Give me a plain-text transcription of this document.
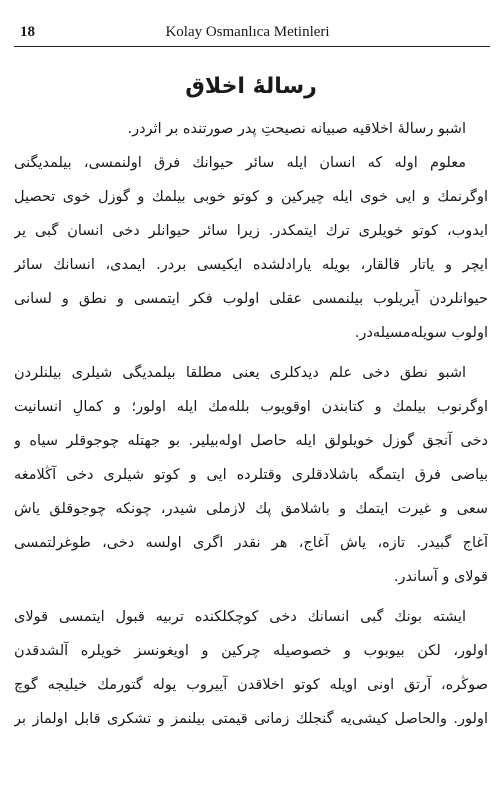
18	Kolay Osmanlıca Metinleri
رسالۀ اخلاق
اشبو رسالۀ اخلاقیه صبیانه نصیحتِ پدر صورتنده بر اثردر.
معلوم اوله که انسان ایله سائر حیوانك فرق اولنمسی، بیلمدیگنی
اوگرنمك و ایی خوی ایله چیرکین و کوتو خوبی بیلمك و گوزل خوی تحصیل
ایدوب، کوتو خویلری ترك ایتمکدر. زیرا سائر حیوانلر دخی انسان گبی یر
ایچر و یاتار قالقار، بویله یارادلشده ایکیسی بردر. ایمدی، انسانك سائر
حیوانلردن آیریلوب بیلنمسی عقلی اولوب فکر ایتمسی و نطق و لسانی
اولوب سویله‌مسیله‌در.
اشبو نطق دخی علم دیدکلری یعنی مطلقا بیلمدیگی شیلری بیلنلردن
اوگرنوب بیلمك و کتابندن اوقویوب بللەمك ایله اولور؛ و کمالِ انسانیت
دخی آنجق گوزل خویلولق ایله حاصل اوله‌بیلیر. بو جهتله چوجوقلر سیاه و
بیاضی فرق ایتمگه باشلادقلری وقتلرده ایی و کوتو شیلری دخی آڭلامغه
سعی و غیرت ایتمك و باشلامق پك لازملی شیدر، چونکه چوجوقلق یاش
آغاج گبیدر. تازه، یاش آغاج، هر نقدر اگری اولسه دخی، طوغرلتمسی
قولای و آساندر.
ایشته بونك گبی انسانك دخی کوچکلکنده تربیه قبول ایتمسی قولای
اولور، لکن بیوبوب و خصوصیله چرکین و اویغونسز خویلره آلشدقدن
صوڭره، آرتق اونی اویله کوتو اخلاقدن آییروب یوله گتورمك خیلیجه گوچ
اولور. والحاصل کیشی‌یه گنجلك زمانی قیمتی بیلنمز و تشکری قابل اولماز بر
